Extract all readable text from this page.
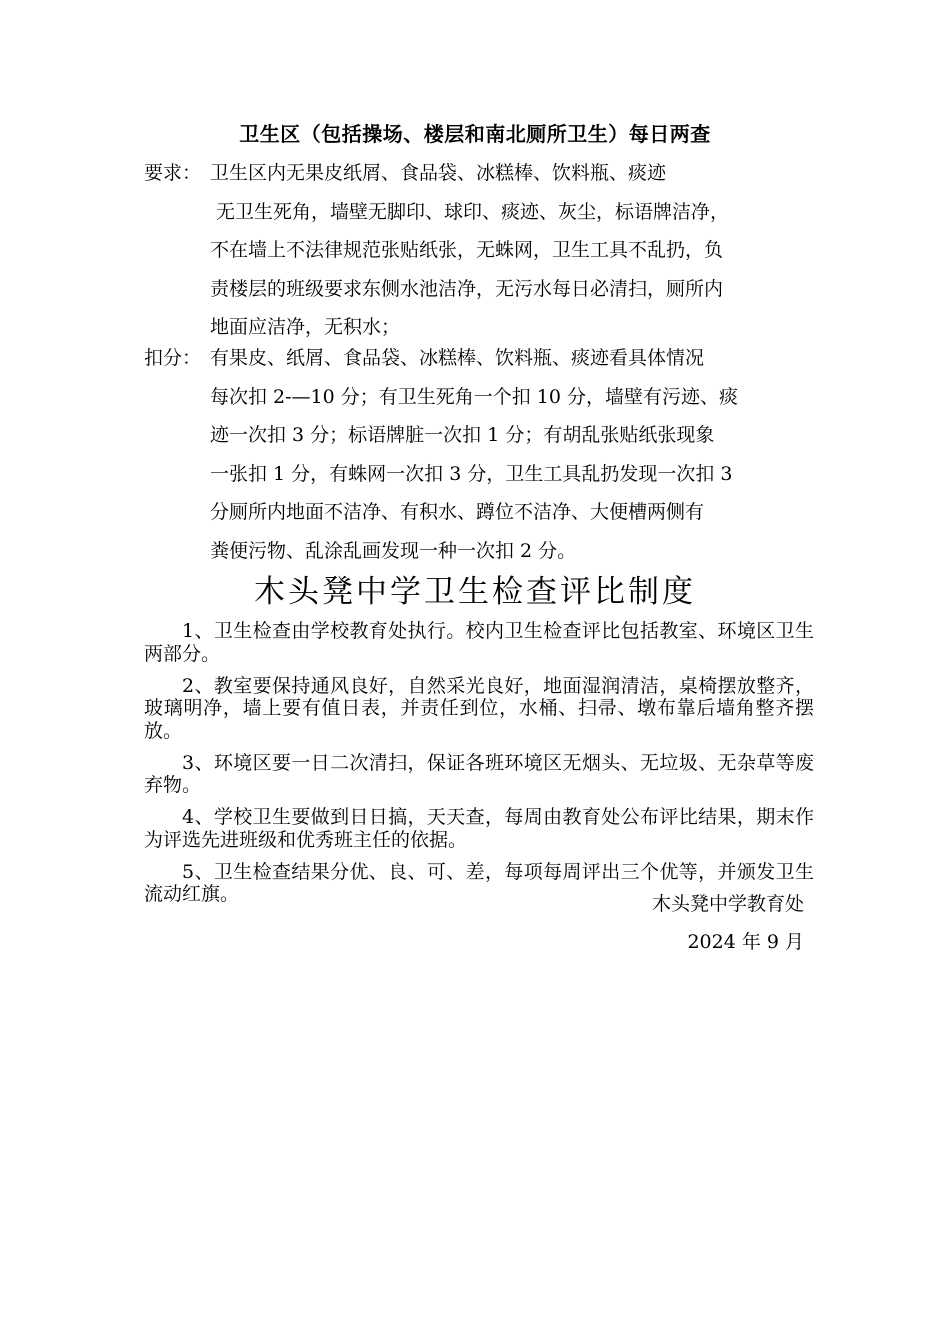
卫生区（包括操场、楼层和南北厕所卫生）每日两查
要求： 卫生区内无果皮纸屑、食品袋、冰糕棒、饮料瓶、痰迹
无卫生死角，墙壁无脚印、球印、痰迹、灰尘，标语牌洁净，
不在墙上不法律规范张贴纸张，无蛛网，卫生工具不乱扔，负
责楼层的班级要求东侧水池洁净，无污水每日必清扫，厕所内
地面应洁净，无积水；
扣分： 有果皮、纸屑、食品袋、冰糕棒、饮料瓶、痰迹看具体情况
每次扣 2-—10 分；有卫生死角一个扣 10 分，墙壁有污迹、痰
迹一次扣 3 分；标语牌脏一次扣 1 分；有胡乱张贴纸张现象
一张扣 1 分，有蛛网一次扣 3 分，卫生工具乱扔发现一次扣 3
分厕所内地面不洁净、有积水、蹲位不洁净、大便槽两侧有
粪便污物、乱涂乱画发现一种一次扣 2 分。
木头凳中学卫生检查评比制度

1、卫生检查由学校教育处执行。校内卫生检查评比包括教室、环境区卫生两部分。

2、教室要保持通风良好，自然采光良好，地面湿润清洁，桌椅摆放整齐，玻璃明净，墙上要有值日表，并责任到位，水桶、扫帚、墩布靠后墙角整齐摆放。

3、环境区要一日二次清扫，保证各班环境区无烟头、无垃圾、无杂草等废弃物。

4、学校卫生要做到日日搞，天天查，每周由教育处公布评比结果，期末作为评选先进班级和优秀班主任的依据。

5、卫生检查结果分优、良、可、差，每项每周评出三个优等，并颁发卫生流动红旗。	木头凳中学教育处
2024 年 9 月
